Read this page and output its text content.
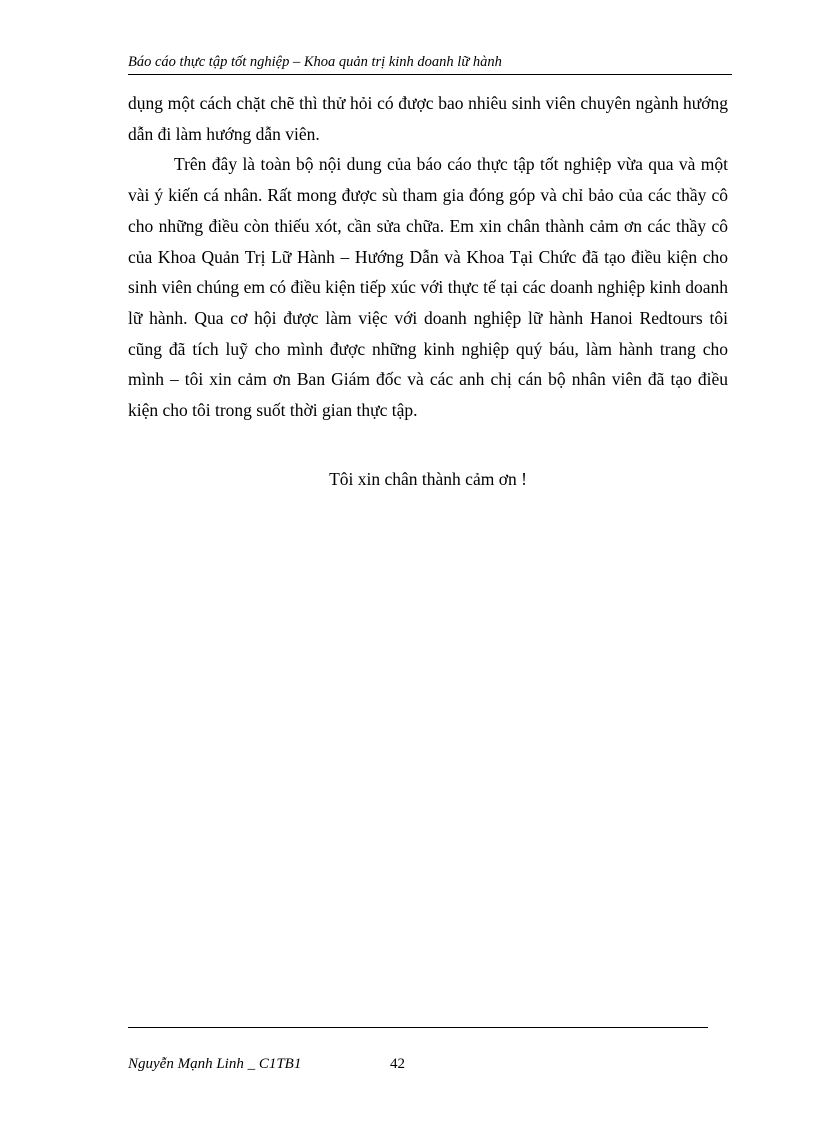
Báo cáo thực tập tốt nghiệp – Khoa quản trị kinh doanh lữ hành

dụng một cách chặt chẽ thì thử hỏi có được bao nhiêu sinh viên chuyên ngành hướng dẫn đi làm hướng dẫn viên.

Trên đây là toàn bộ nội dung của báo cáo thực tập tốt nghiệp vừa qua và một vài ý kiến cá nhân. Rất mong được sù tham gia đóng góp và chỉ bảo của các thầy cô cho những điều còn thiếu xót, cần sửa chữa. Em xin chân thành cảm ơn các thầy cô của Khoa Quản Trị Lữ Hành – Hướng Dẫn và Khoa Tại Chức đã tạo điều kiện cho sinh viên chúng em có điều kiện tiếp xúc với thực tế tại các doanh nghiệp kinh doanh lữ hành. Qua cơ hội được làm việc với doanh nghiệp lữ hành Hanoi Redtours tôi cũng đã tích luỹ cho mình được những kinh nghiệp quý báu, làm hành trang cho mình – tôi xin cảm ơn Ban Giám đốc và các anh chị cán bộ nhân viên đã tạo điều kiện cho tôi trong suốt thời gian thực tập.

Tôi xin chân thành cảm ơn !
Nguyễn Mạnh Linh _ C1TB1	42
